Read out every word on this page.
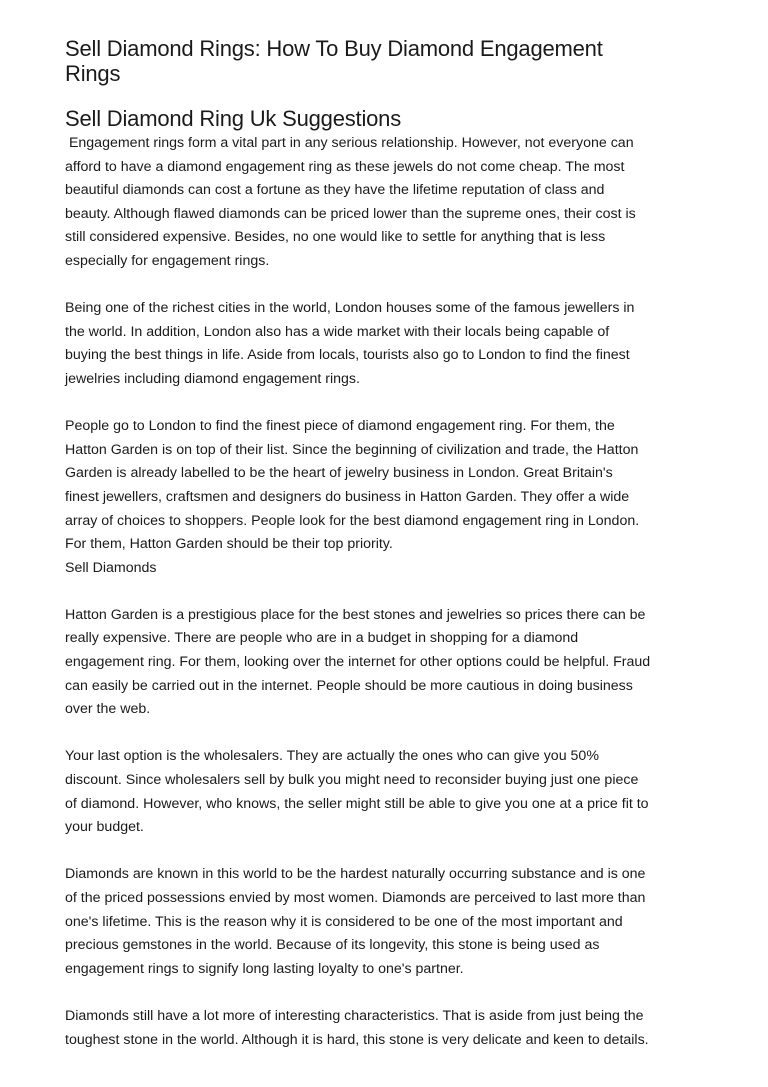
Sell Diamond Rings: How To Buy Diamond Engagement
Rings
Sell Diamond Ring Uk Suggestions

Engagement rings form a vital part in any serious relationship. However, not everyone can
afford to have a diamond engagement ring as these jewels do not come cheap. The most
beautiful diamonds can cost a fortune as they have the lifetime reputation of class and
beauty. Although flawed diamonds can be priced lower than the supreme ones, their cost is
still considered expensive. Besides, no one would like to settle for anything that is less
especially for engagement rings.

Being one of the richest cities in the world, London houses some of the famous jewellers in
the world. In addition, London also has a wide market with their locals being capable of
buying the best things in life. Aside from locals, tourists also go to London to find the finest
jewelries including diamond engagement rings.

People go to London to find the finest piece of diamond engagement ring. For them, the
Hatton Garden is on top of their list. Since the beginning of civilization and trade, the Hatton
Garden is already labelled to be the heart of jewelry business in London. Great Britain's
finest jewellers, craftsmen and designers do business in Hatton Garden. They offer a wide
array of choices to shoppers. People look for the best diamond engagement ring in London.
For them, Hatton Garden should be their top priority.
Sell Diamonds

Hatton Garden is a prestigious place for the best stones and jewelries so prices there can be
really expensive. There are people who are in a budget in shopping for a diamond
engagement ring. For them, looking over the internet for other options could be helpful. Fraud
can easily be carried out in the internet. People should be more cautious in doing business
over the web.

Your last option is the wholesalers. They are actually the ones who can give you 50%
discount. Since wholesalers sell by bulk you might need to reconsider buying just one piece
of diamond. However, who knows, the seller might still be able to give you one at a price fit to
your budget.

Diamonds are known in this world to be the hardest naturally occurring substance and is one
of the priced possessions envied by most women. Diamonds are perceived to last more than
one's lifetime. This is the reason why it is considered to be one of the most important and
precious gemstones in the world. Because of its longevity, this stone is being used as
engagement rings to signify long lasting loyalty to one's partner.

Diamonds still have a lot more of interesting characteristics. That is aside from just being the
toughest stone in the world. Although it is hard, this stone is very delicate and keen to details.
